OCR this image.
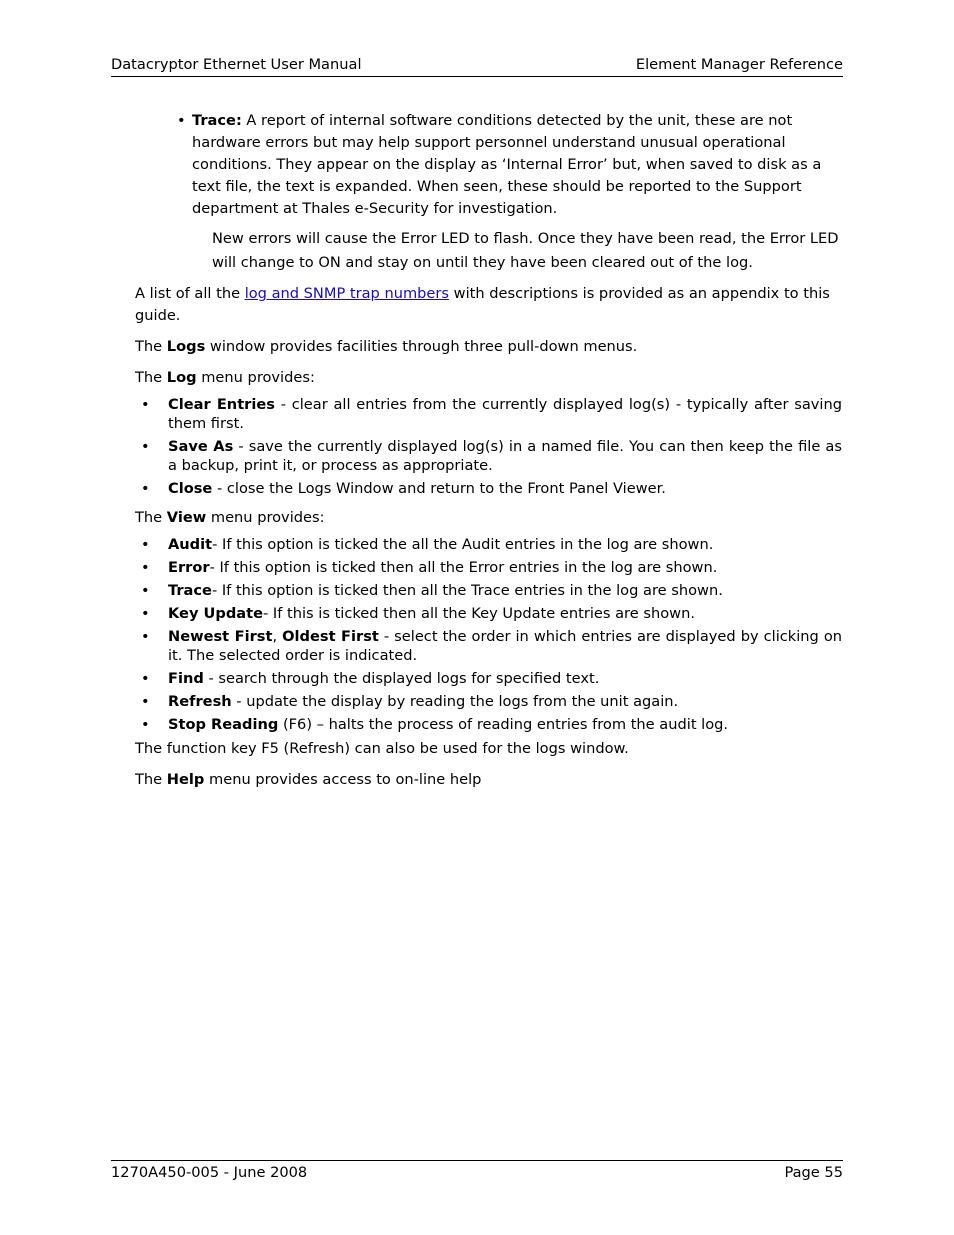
Datacryptor Ethernet User Manual	Element Manager Reference
• Trace: A report of internal software conditions detected by the unit, these are not hardware errors but may help support personnel understand unusual operational conditions. They appear on the display as ‘Internal Error’ but, when saved to disk as a text file, the text is expanded. When seen, these should be reported to the Support department at Thales e-Security for investigation.

New errors will cause the Error LED to flash. Once they have been read, the Error LED will change to ON and stay on until they have been cleared out of the log.

A list of all the log and SNMP trap numbers with descriptions is provided as an appendix to this guide.

The Logs window provides facilities through three pull-down menus.

The Log menu provides:

• Clear Entries - clear all entries from the currently displayed log(s) - typically after saving them first.
• Save As - save the currently displayed log(s) in a named file. You can then keep the file as a backup, print it, or process as appropriate.
• Close - close the Logs Window and return to the Front Panel Viewer.

The View menu provides:

• Audit- If this option is ticked the all the Audit entries in the log are shown.
• Error- If this option is ticked then all the Error entries in the log are shown.
• Trace- If this option is ticked then all the Trace entries in the log are shown.
• Key Update- If this is ticked then all the Key Update entries are shown.
• Newest First, Oldest First - select the order in which entries are displayed by clicking on it. The selected order is indicated.
• Find - search through the displayed logs for specified text.
• Refresh - update the display by reading the logs from the unit again.
• Stop Reading (F6) – halts the process of reading entries from the audit log.

The function key F5 (Refresh) can also be used for the logs window.

The Help menu provides access to on-line help

1270A450-005 - June 2008	Page 55
